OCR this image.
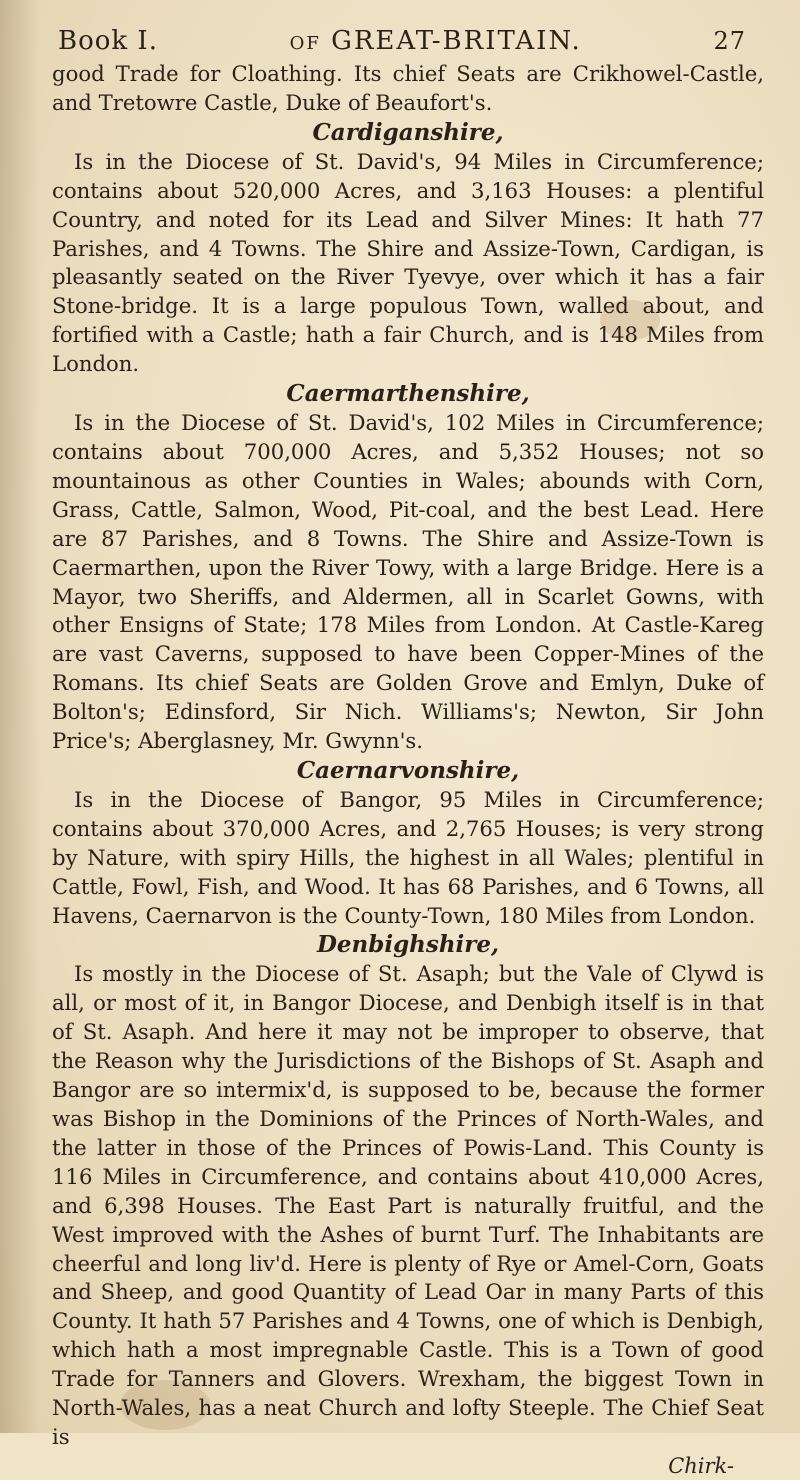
Book I.	of GREAT-BRITAIN.	27

good Trade for Cloathing. Its chief Seats are Crikhowel-Castle, and Tretowre Castle, Duke of Beaufort's.

Cardiganshire,

Is in the Diocese of St. David's, 94 Miles in Circumference; contains about 520,000 Acres, and 3,163 Houses: a plentiful Country, and noted for its Lead and Silver Mines: It hath 77 Parishes, and 4 Towns. The Shire and Assize-Town, Cardigan, is pleasantly seated on the River Tyevye, over which it has a fair Stone-bridge. It is a large populous Town, walled about, and fortified with a Castle; hath a fair Church, and is 148 Miles from London.

Caermarthenshire,

Is in the Diocese of St. David's, 102 Miles in Circumference; contains about 700,000 Acres, and 5,352 Houses; not so mountainous as other Counties in Wales; abounds with Corn, Grass, Cattle, Salmon, Wood, Pit-coal, and the best Lead. Here are 87 Parishes, and 8 Towns. The Shire and Assize-Town is Caermarthen, upon the River Towy, with a large Bridge. Here is a Mayor, two Sheriffs, and Aldermen, all in Scarlet Gowns, with other Ensigns of State; 178 Miles from London. At Castle-Kareg are vast Caverns, supposed to have been Copper-Mines of the Romans. Its chief Seats are Golden Grove and Emlyn, Duke of Bolton's; Edinsford, Sir Nich. Williams's; Newton, Sir John Price's; Aberglasney, Mr. Gwynn's.

Caernarvonshire,

Is in the Diocese of Bangor, 95 Miles in Circumference; contains about 370,000 Acres, and 2,765 Houses; is very strong by Nature, with spiry Hills, the highest in all Wales; plentiful in Cattle, Fowl, Fish, and Wood. It has 68 Parishes, and 6 Towns, all Havens, Caernarvon is the County-Town, 180 Miles from London.

Denbighshire,

Is mostly in the Diocese of St. Asaph; but the Vale of Clywd is all, or most of it, in Bangor Diocese, and Denbigh itself is in that of St. Asaph. And here it may not be improper to observe, that the Reason why the Jurisdictions of the Bishops of St. Asaph and Bangor are so intermix'd, is supposed to be, because the former was Bishop in the Dominions of the Princes of North-Wales, and the latter in those of the Princes of Powis-Land. This County is 116 Miles in Circumference, and contains about 410,000 Acres, and 6,398 Houses. The East Part is naturally fruitful, and the West improved with the Ashes of burnt Turf. The Inhabitants are cheerful and long liv'd. Here is plenty of Rye or Amel-Corn, Goats and Sheep, and good Quantity of Lead Oar in many Parts of this County. It hath 57 Parishes and 4 Towns, one of which is Denbigh, which hath a most impregnable Castle. This is a Town of good Trade for Tanners and Glovers. Wrexham, the biggest Town in North-Wales, has a neat Church and lofty Steeple. The Chief Seat is

Chirk-
